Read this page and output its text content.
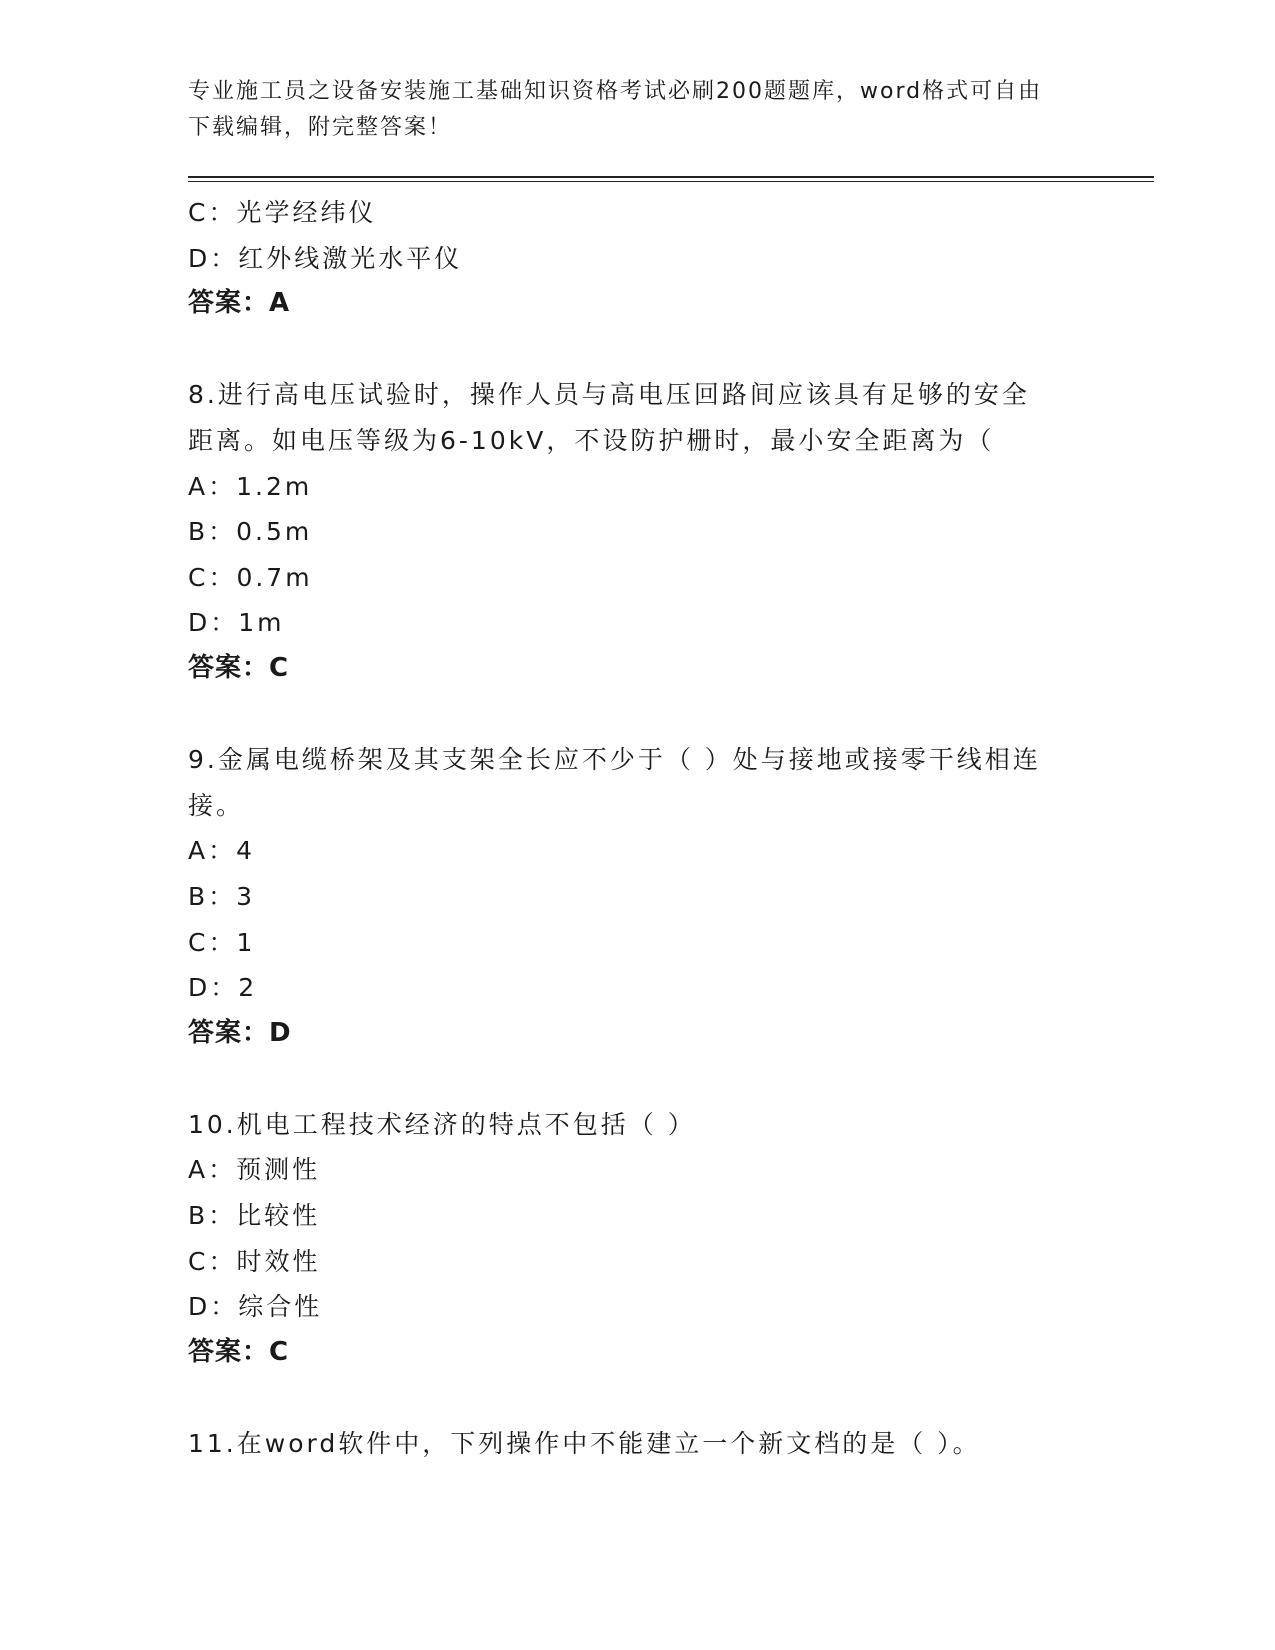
专业施工员之设备安装施工基础知识资格考试必刷200题题库，word格式可自由
下载编辑，附完整答案！
C：光学经纬仪
D：红外线激光水平仪
答案：A
8.进行高电压试验时，操作人员与高电压回路间应该具有足够的安全
距离。如电压等级为6-10kV，不设防护栅时，最小安全距离为（
A：1.2m
B：0.5m
C：0.7m
D：1m
答案：C
9.金属电缆桥架及其支架全长应不少于（ ）处与接地或接零干线相连
接。
A：4
B：3
C：1
D：2
答案：D
10.机电工程技术经济的特点不包括（ ）
A：预测性
B：比较性
C：时效性
D：综合性
答案：C
11.在word软件中，下列操作中不能建立一个新文档的是（ ）。
